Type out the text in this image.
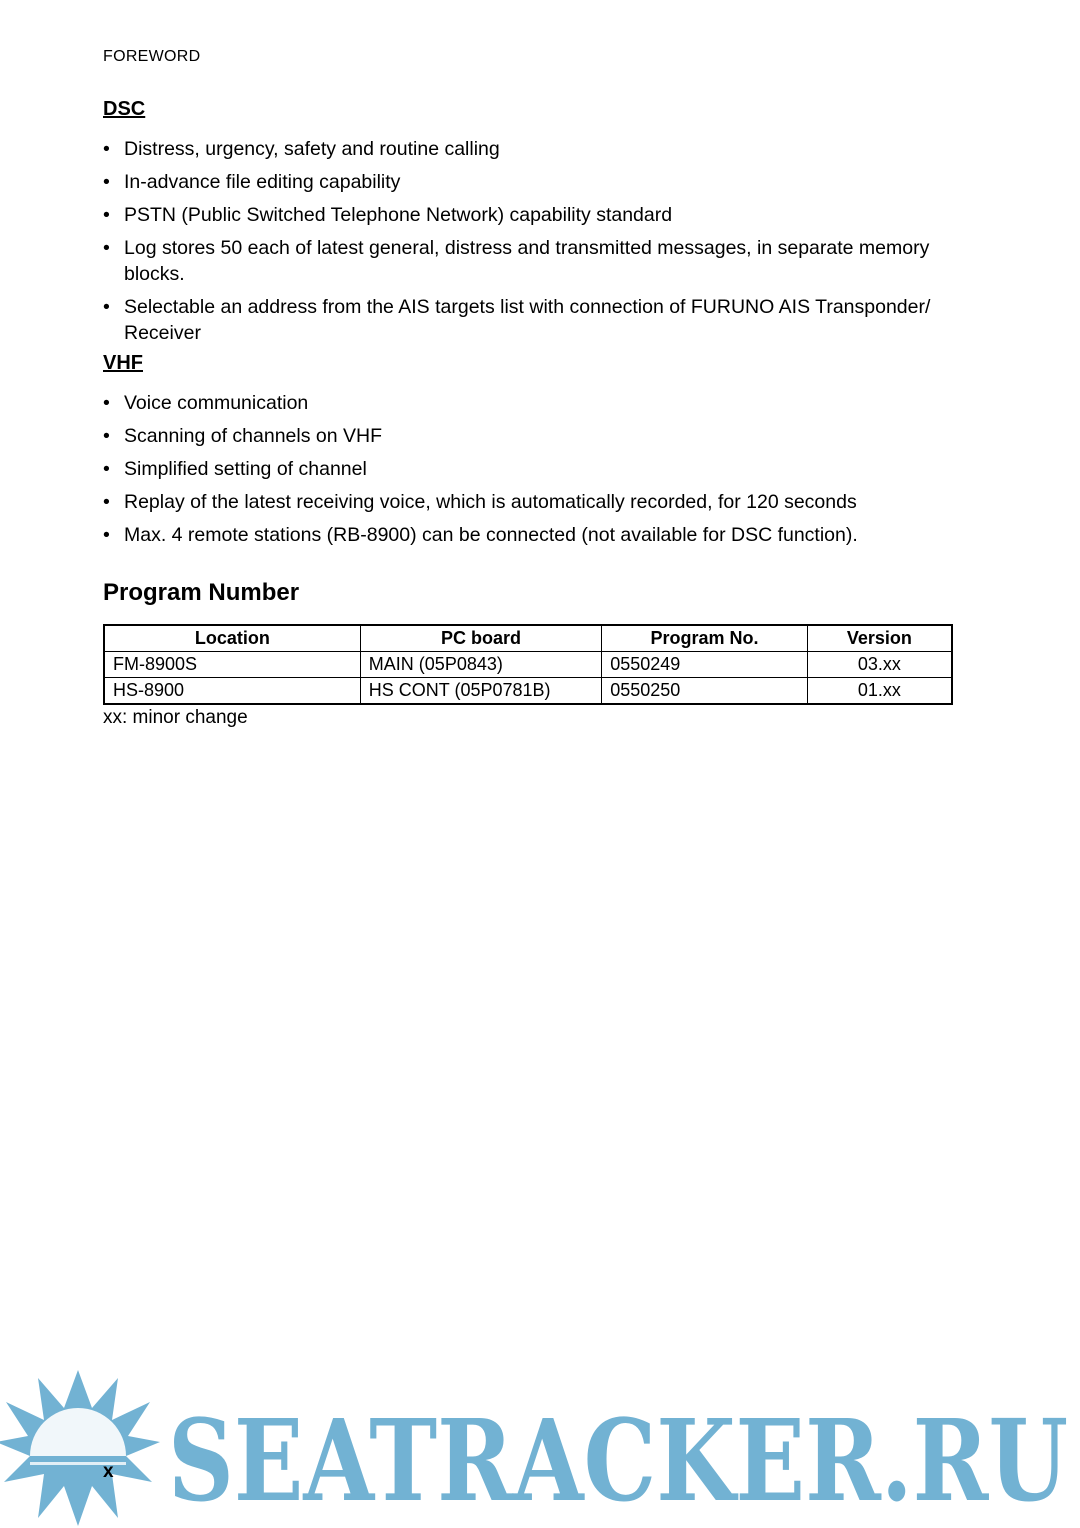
FOREWORD
DSC
• Distress, urgency, safety and routine calling
• In-advance file editing capability
• PSTN (Public Switched Telephone Network) capability standard
• Log stores 50 each of latest general, distress and transmitted messages, in separate memory blocks.
• Selectable an address from the AIS targets list with connection of FURUNO AIS Transponder/ Receiver
VHF
• Voice communication
• Scanning of channels on VHF
• Simplified setting of channel
• Replay of the latest receiving voice, which is automatically recorded, for 120 seconds
• Max. 4 remote stations (RB-8900) can be connected (not available for DSC function).
Program Number
Location	PC board	Program No.	Version
FM-8900S	MAIN (05P0843)	0550249	03.xx
HS-8900	HS CONT (05P0781B)	0550250	01.xx
xx: minor change
SEATRACKER.RU
x
